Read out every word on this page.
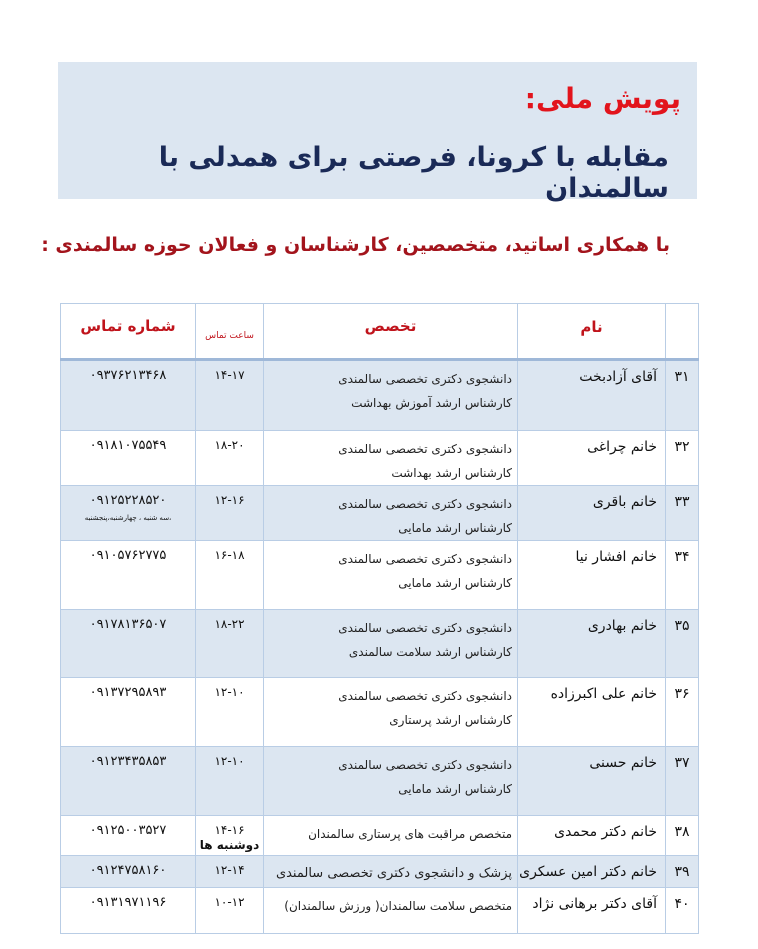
پویش ملی:
مقابله با کرونا، فرصتی برای همدلی با سالمندان
با همکاری اساتید، متخصصین، کارشناسان و فعالان حوزه سالمندی :
	نام	تخصص	ساعت تماس	شماره تماس
۳۱	آقای آزادبخت	دانشجوی دکتری تخصصی سالمندی
کارشناس ارشد آموزش بهداشت	۱۴-۱۷	۰۹۳۷۶۲۱۳۴۶۸
۳۲	خانم چراغی	دانشجوی دکتری تخصصی سالمندی
کارشناس ارشد بهداشت	۱۸-۲۰	۰۹۱۸۱۰۷۵۵۴۹
۳۳	خانم باقری	دانشجوی دکتری تخصصی سالمندی
کارشناس ارشد مامایی	۱۲-۱۶	۰۹۱۲۵۲۲۸۵۲۰
،سه شنبه ، چهارشنبه،پنجشنبه

۳۴	خانم افشار نیا	دانشجوی دکتری تخصصی سالمندی
کارشناس ارشد مامایی	۱۶-۱۸	۰۹۱۰۵۷۶۲۷۷۵
۳۵	خانم بهادری	دانشجوی دکتری تخصصی سالمندی
کارشناس ارشد سلامت سالمندی	۱۸-۲۲	۰۹۱۷۸۱۳۶۵۰۷
۳۶	خانم علی اکبرزاده	دانشجوی دکتری تخصصی سالمندی
کارشناس ارشد پرستاری	۱۲-۱۰	۰۹۱۳۷۲۹۵۸۹۳
۳۷	خانم حسنی	دانشجوی دکتری تخصصی سالمندی
کارشناس ارشد مامایی	۱۲-۱۰	۰۹۱۲۳۴۳۵۸۵۳
۳۸	خانم دکتر محمدی	متخصص مراقبت های پرستاری سالمندان	۱۴-۱۶
دوشنبه ها	۰۹۱۲۵۰۰۳۵۲۷
۳۹	خانم دکتر امین عسکری	پزشک و دانشجوی دکتری تخصصی سالمندی	۱۲-۱۴	۰۹۱۲۴۷۵۸۱۶۰
۴۰	آقای دکتر برهانی نژاد	متخصص سلامت سالمندان( ورزش سالمندان)	۱۰-۱۲	۰۹۱۳۱۹۷۱۱۹۶
